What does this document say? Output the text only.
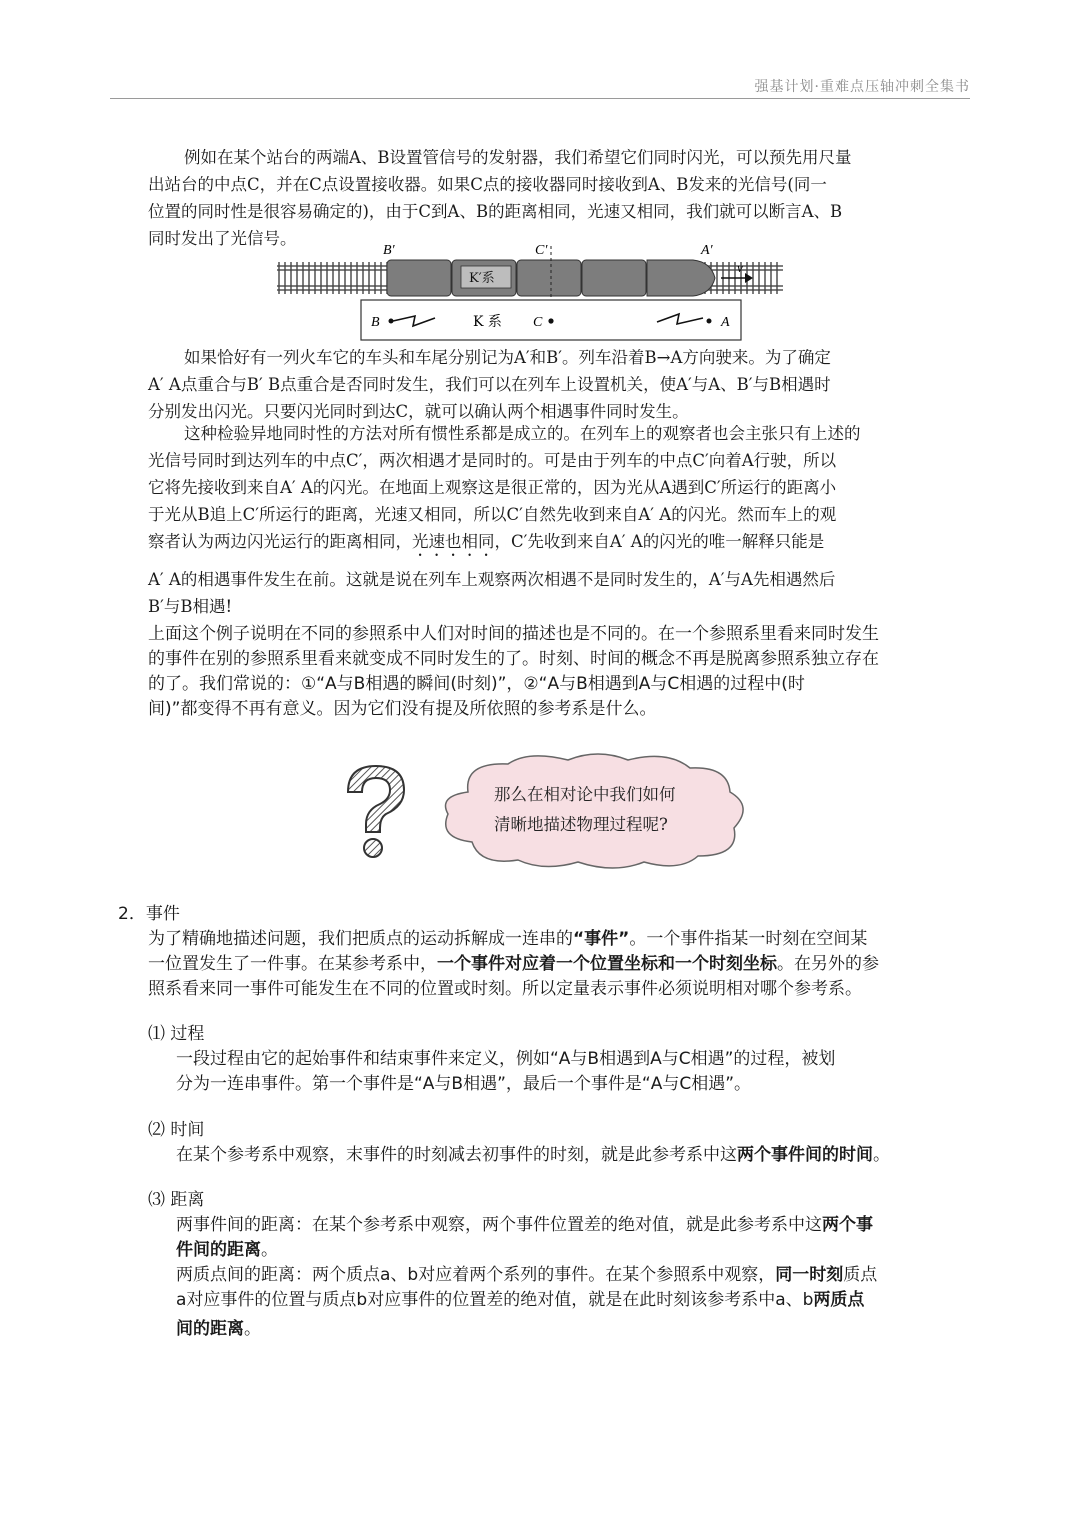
强基计划·重难点压轴冲刺全集书
例如在某个站台的两端A、B设置管信号的发射器，我们希望它们同时闪光，可以预先用尺量
出站台的中点C，并在C点设置接收器。如果C点的接收器同时接收到A、B发来的光信号(同一
位置的同时性是很容易确定的)，由于C到A、B的距离相同，光速又相同，我们就可以断言A、B
同时发出了光信号。
B′	C′	A′
v
K′系
B	K 系 C	A
如果恰好有一列火车它的车头和车尾分别记为A′和B′。列车沿着B→A方向驶来。为了确定
A′ A点重合与B′ B点重合是否同时发生，我们可以在列车上设置机关，使A′与A、B′与B相遇时
分别发出闪光。只要闪光同时到达C，就可以确认两个相遇事件同时发生。
这种检验异地同时性的方法对所有惯性系都是成立的。在列车上的观察者也会主张只有上述的
光信号同时到达列车的中点C′，两次相遇才是同时的。可是由于列车的中点C′向着A行驶，所以
它将先接收到来自A′ A的闪光。在地面上观察这是很正常的，因为光从A遇到C′所运行的距离小
于光从B追上C′所运行的距离，光速又相同，所以C′自然先收到来自A′ A的闪光。然而车上的观
察者认为两边闪光运行的距离相同，光速也相同，C′先收到来自A′ A的闪光的唯一解释只能是
A′ A的相遇事件发生在前。这就是说在列车上观察两次相遇不是同时发生的，A′与A先相遇然后
B′与B相遇!
上面这个例子说明在不同的参照系中人们对时间的描述也是不同的。在一个参照系里看来同时发生
的事件在别的参照系里看来就变成不同时发生的了。时刻、时间的概念不再是脱离参照系独立存在
的了。我们常说的：①“A与B相遇的瞬间(时刻)”，②“A与B相遇到A与C相遇的过程中(时
间)”都变得不再有意义。因为它们没有提及所依照的参考系是什么。
那么在相对论中我们如何
清晰地描述物理过程呢?
2．事件
为了精确地描述问题，我们把质点的运动拆解成一连串的“事件”。一个事件指某一时刻在空间某
一位置发生了一件事。在某参考系中，一个事件对应着一个位置坐标和一个时刻坐标。在另外的参
照系看来同一事件可能发生在不同的位置或时刻。所以定量表示事件必须说明相对哪个参考系。
⑴ 过程
一段过程由它的起始事件和结束事件来定义，例如“A与B相遇到A与C相遇”的过程，被划
分为一连串事件。第一个事件是“A与B相遇”，最后一个事件是“A与C相遇”。
⑵ 时间
在某个参考系中观察，末事件的时刻减去初事件的时刻，就是此参考系中这两个事件间的时间。
⑶ 距离
两事件间的距离：在某个参考系中观察，两个事件位置差的绝对值，就是此参考系中这两个事
件间的距离。
两质点间的距离：两个质点a、b对应着两个系列的事件。在某个参照系中观察，同一时刻质点
a对应事件的位置与质点b对应事件的位置差的绝对值，就是在此时刻该参考系中a、b两质点
间的距离。
